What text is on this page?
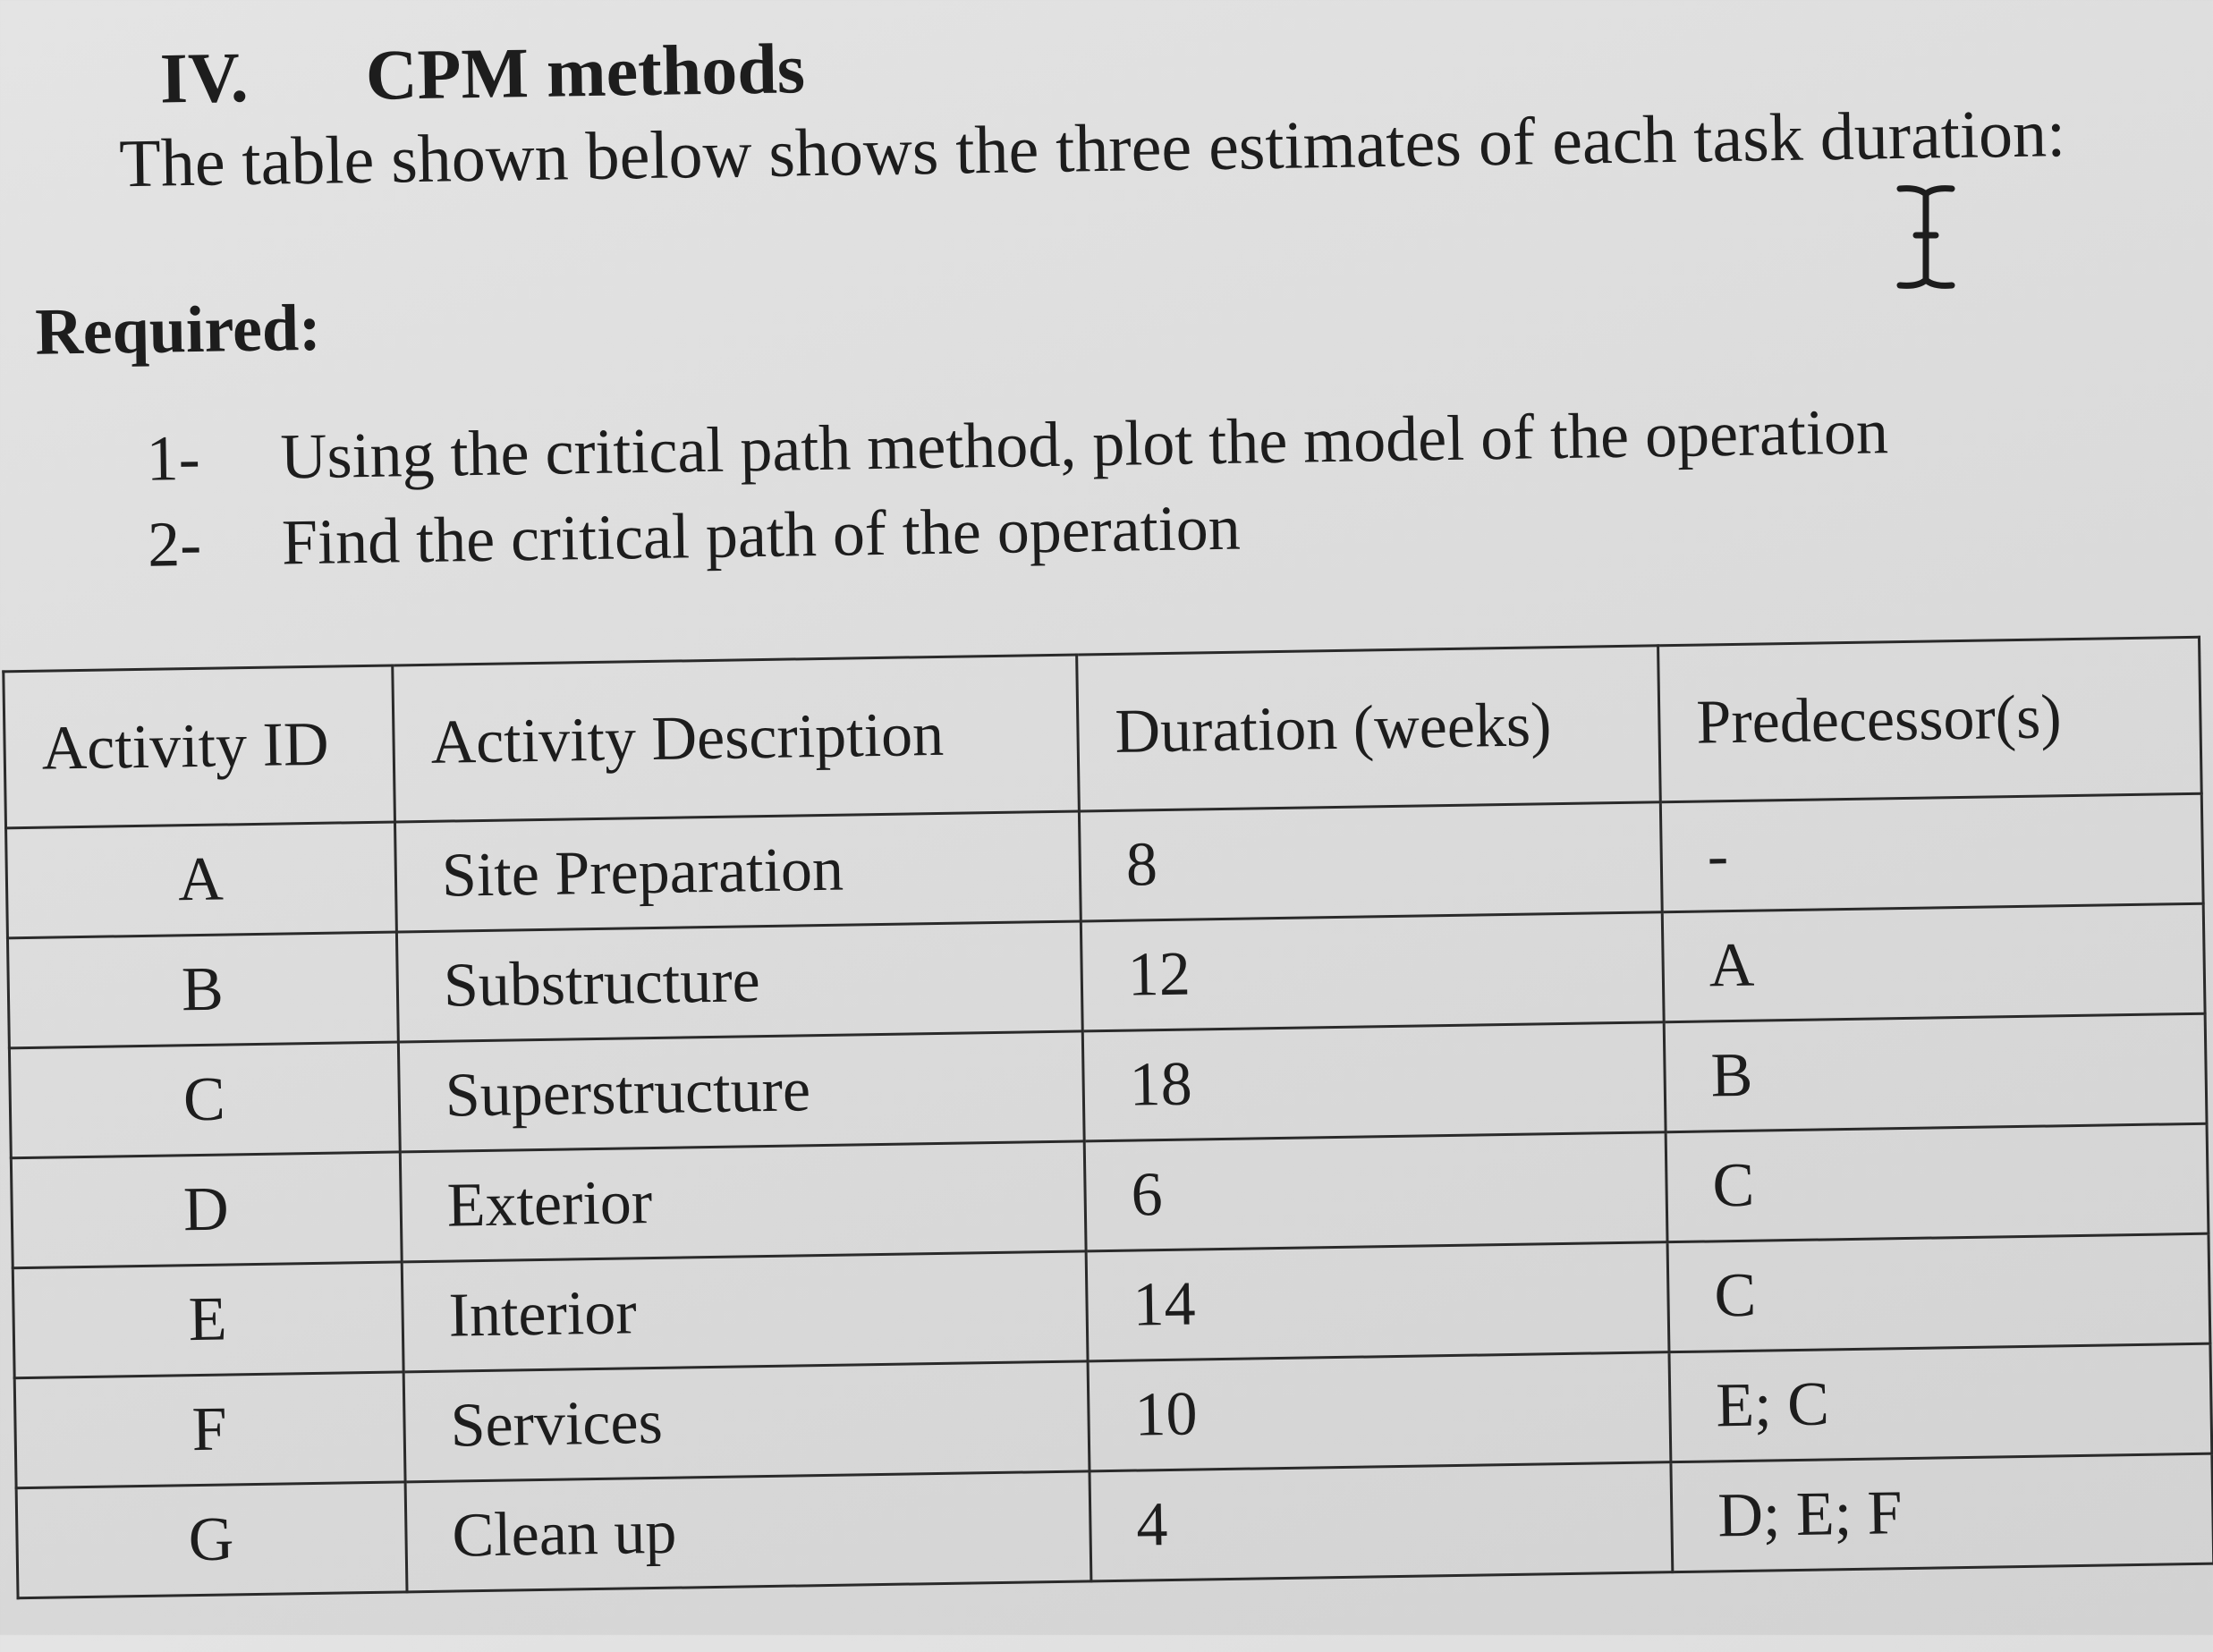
IV. CPM methods
The table shown below shows the three estimates of each task duration:
Required:
1- Using the critical path method, plot the model of the operation
2- Find the critical path of the operation
Activity ID	Activity Description	Duration (weeks)	Predecessor(s)
A	Site Preparation	8	-
B	Substructure	12	A
C	Superstructure	18	B
D	Exterior	6	C
E	Interior	14	C
F	Services	10	E; C
G	Clean up	4	D; E; F
